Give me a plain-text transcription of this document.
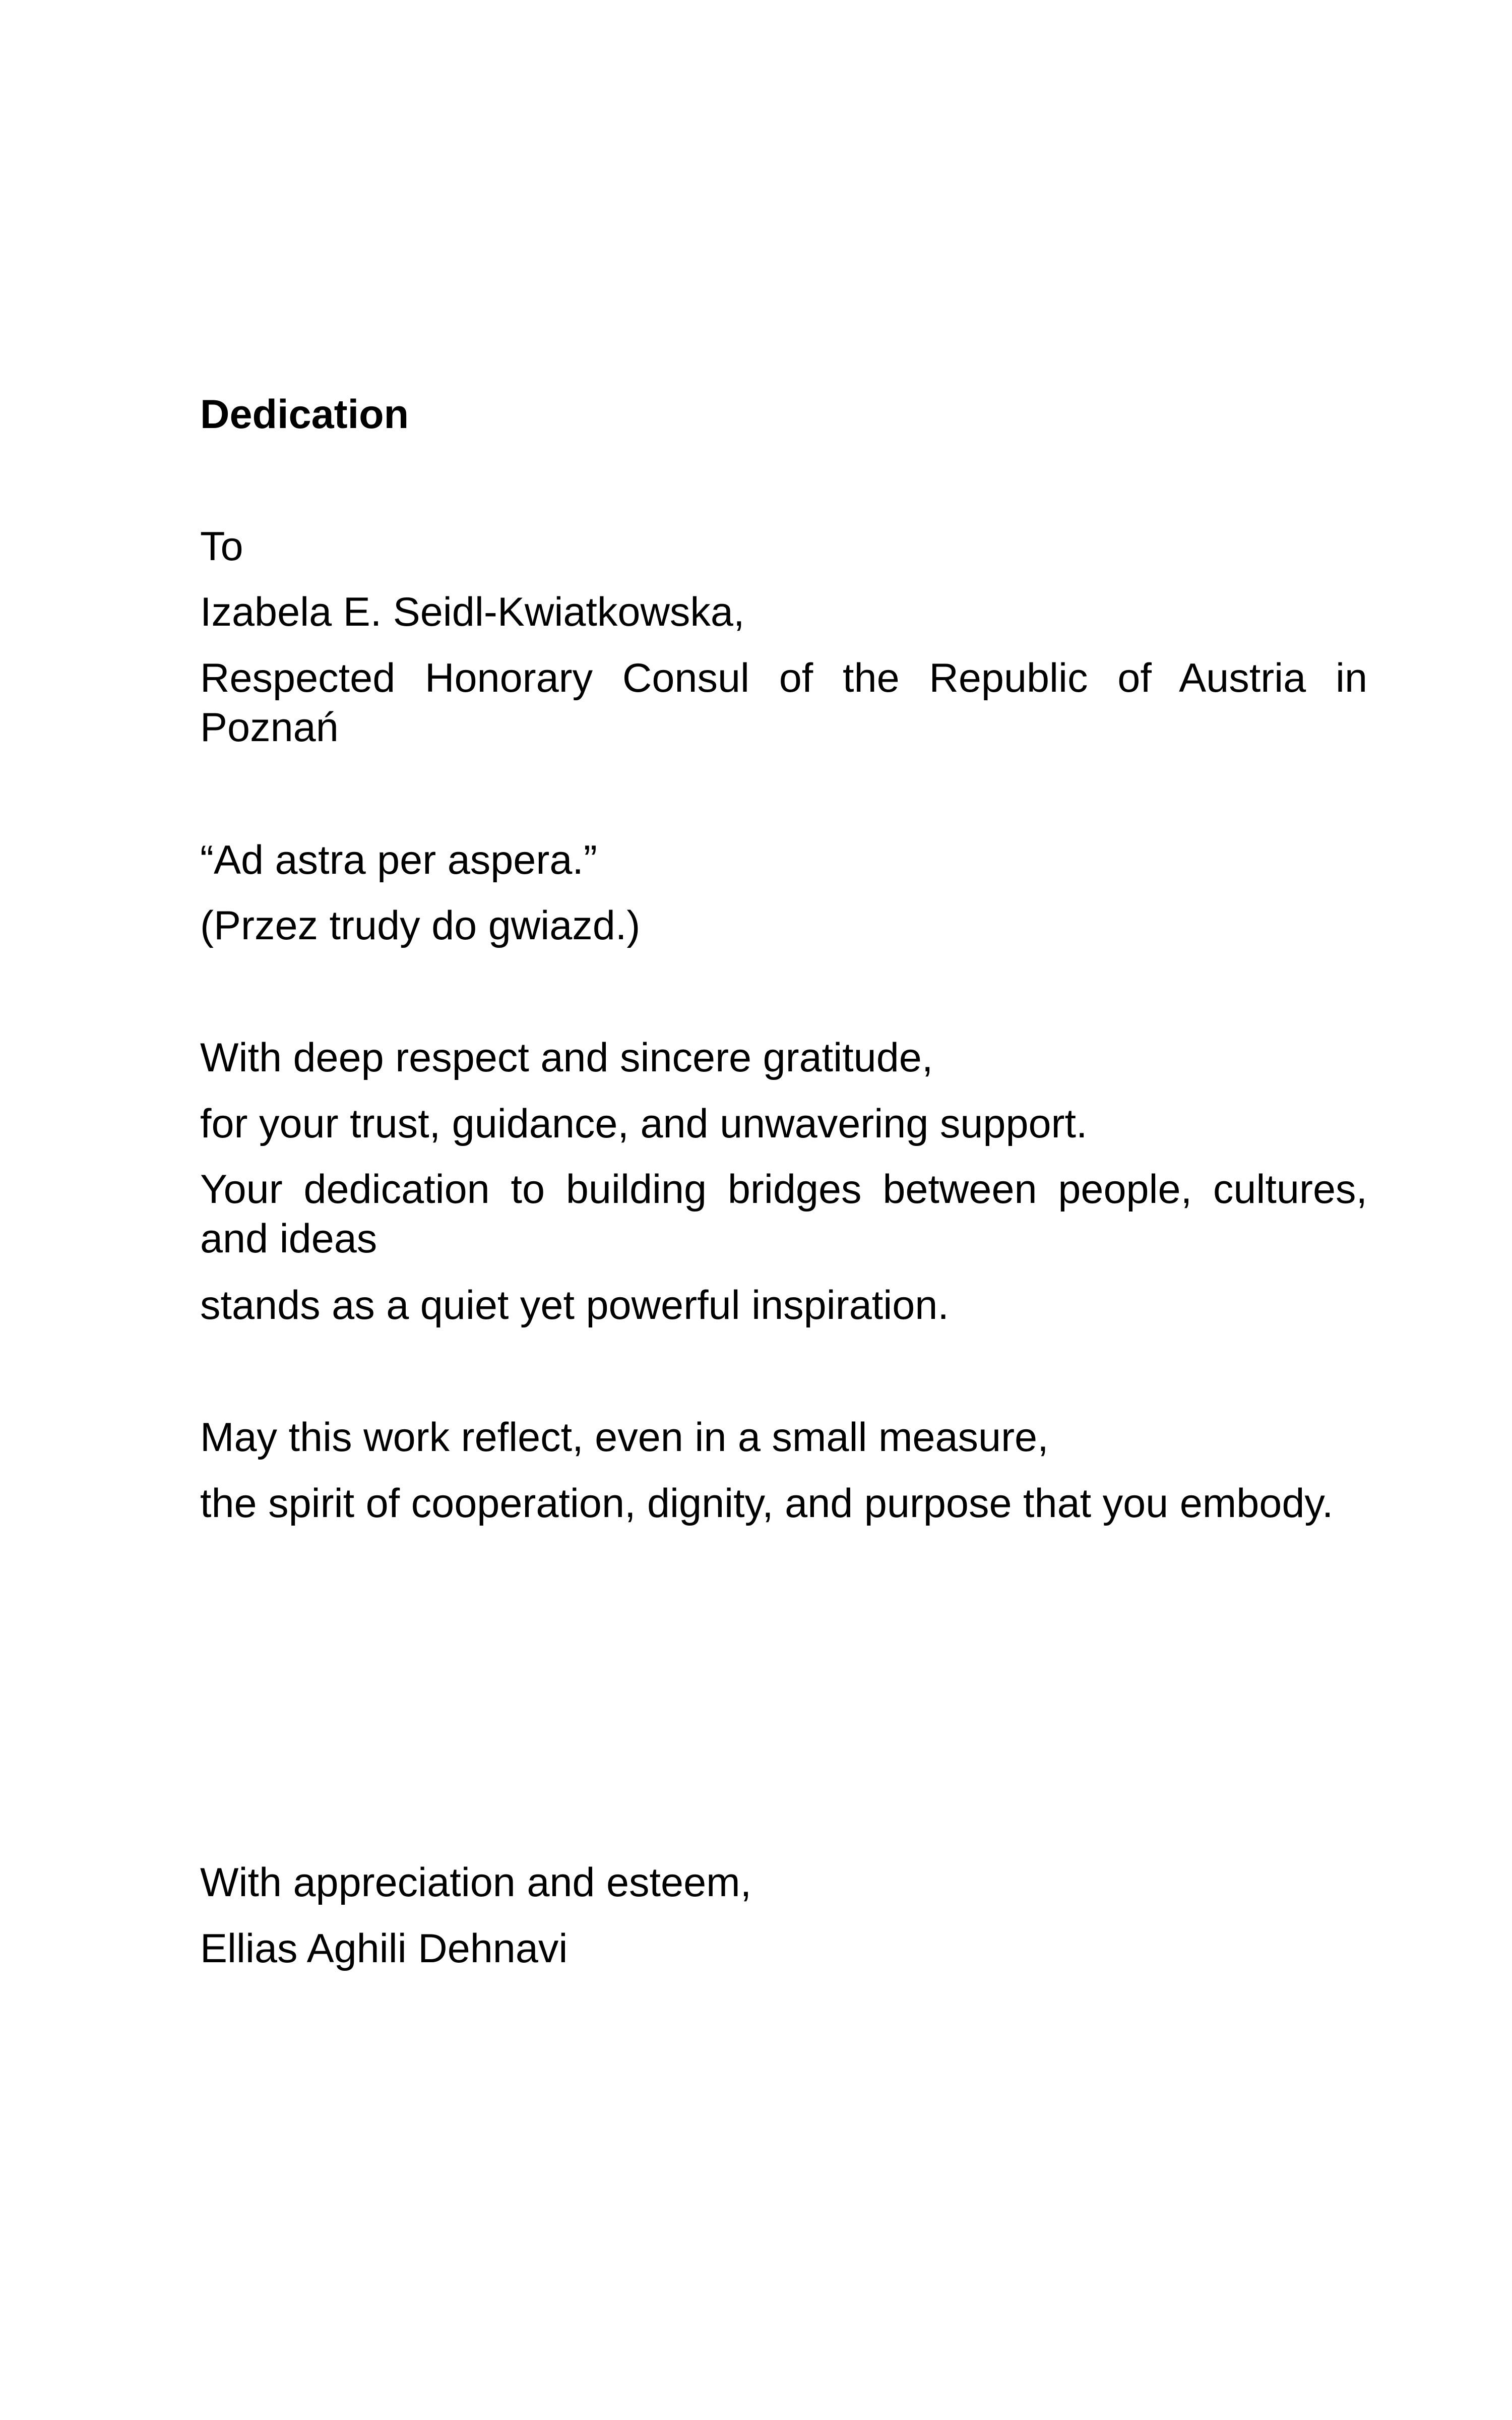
Dedication

To

Izabela E. Seidl-Kwiatkowska,

Respected Honorary Consul of the Republic of Austria in Poznań

“Ad astra per aspera.”

(Przez trudy do gwiazd.)

With deep respect and sincere gratitude,

for your trust, guidance, and unwavering support.

Your dedication to building bridges between people, cultures, and ideas

stands as a quiet yet powerful inspiration.

May this work reflect, even in a small measure,

the spirit of cooperation, dignity, and purpose that you embody.

With appreciation and esteem,

Ellias Aghili Dehnavi
